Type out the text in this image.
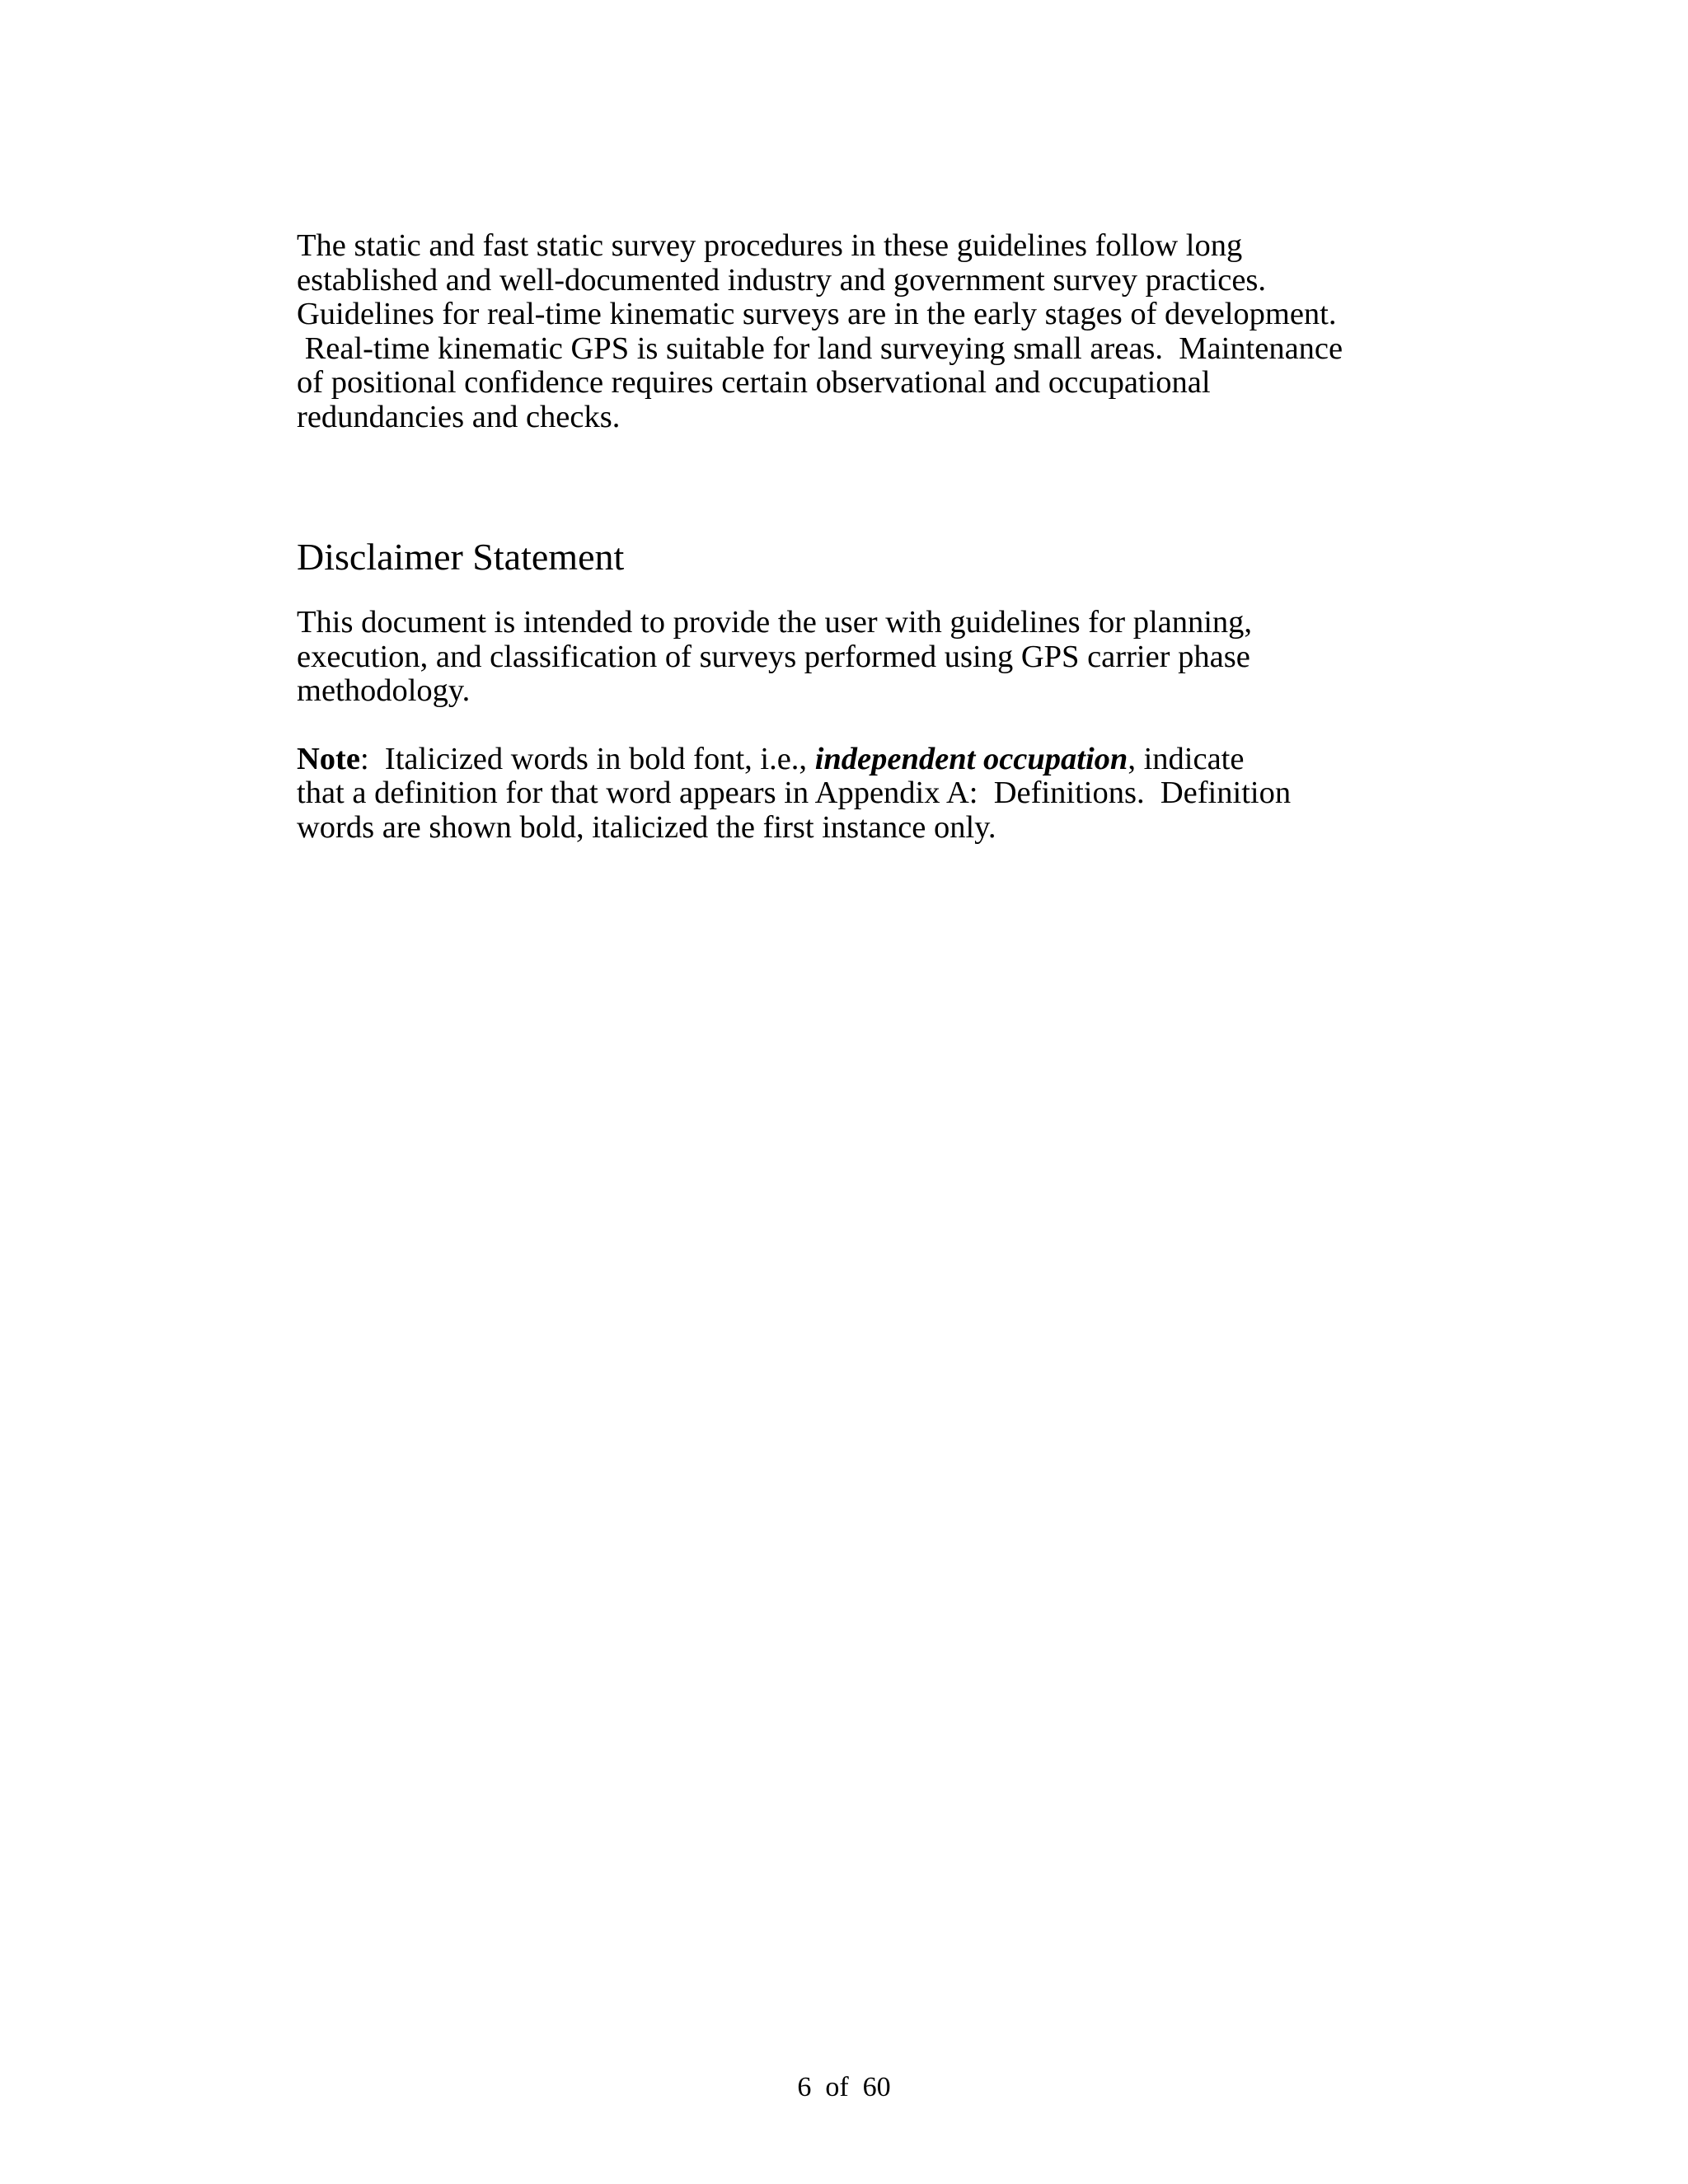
The static and fast static survey procedures in these guidelines follow long
established and well-documented industry and government survey practices.
Guidelines for real-time kinematic surveys are in the early stages of development.
Real-time kinematic GPS is suitable for land surveying small areas.  Maintenance
of positional confidence requires certain observational and occupational
redundancies and checks.
Disclaimer Statement
This document is intended to provide the user with guidelines for planning,
execution, and classification of surveys performed using GPS carrier phase
methodology.
Note:  Italicized words in bold font, i.e., independent occupation, indicate
that a definition for that word appears in Appendix A:  Definitions.  Definition
words are shown bold, italicized the first instance only.
6  of  60
